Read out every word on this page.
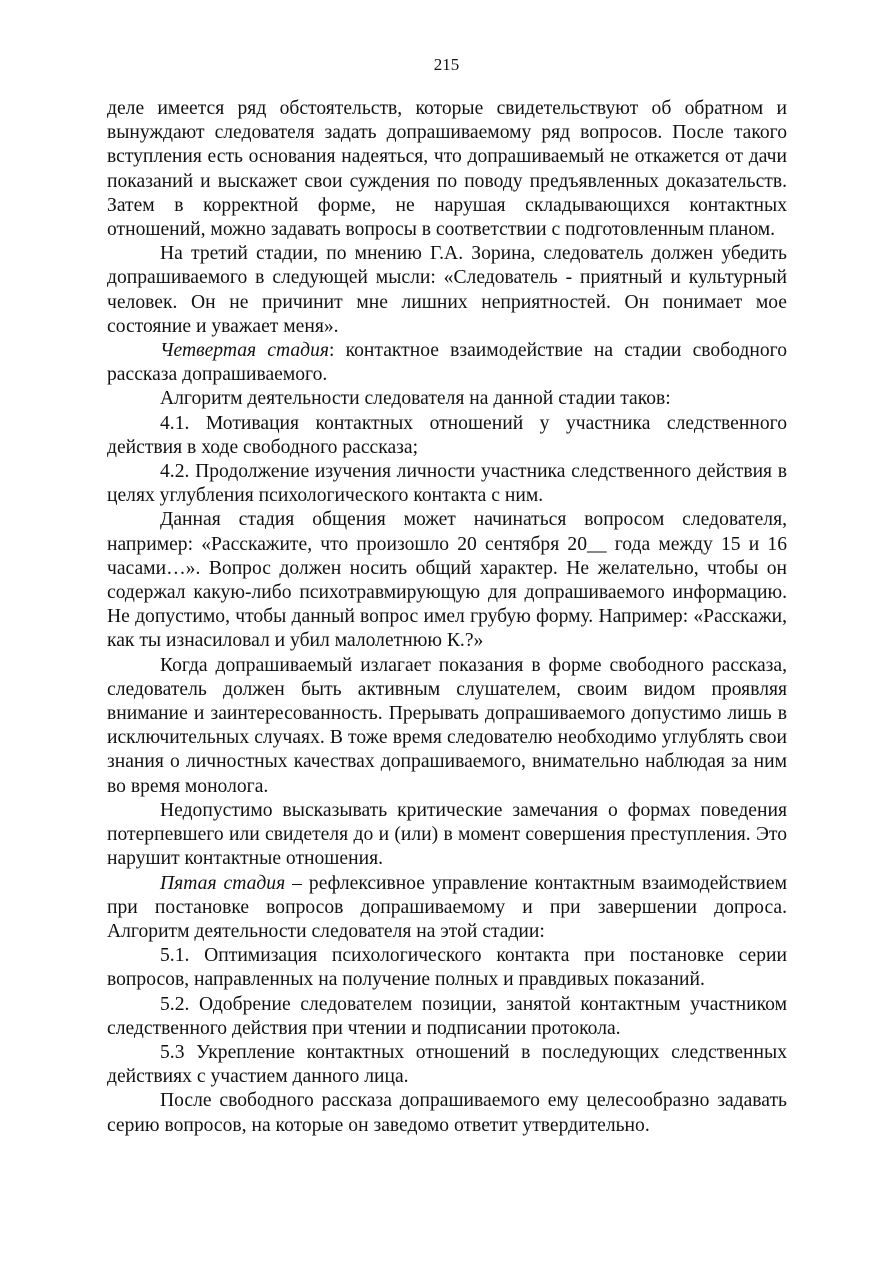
215

деле имеется ряд обстоятельств, которые свидетельствуют об обратном и вынуждают следователя задать допрашиваемому ряд вопросов. После такого вступления есть основания надеяться, что допрашиваемый не откажется от дачи показаний и выскажет свои суждения по поводу предъявленных доказательств. Затем в корректной форме, не нарушая складывающихся контактных отношений, можно задавать вопросы в соответствии с подготовленным планом.

На третий стадии, по мнению Г.А. Зорина, следователь должен убедить допрашиваемого в следующей мысли: «Следователь - приятный и культурный человек. Он не причинит мне лишних неприятностей. Он понимает мое состояние и уважает меня».

Четвертая стадия: контактное взаимодействие на стадии свободного рассказа допрашиваемого.

Алгоритм деятельности следователя на данной стадии таков:

4.1. Мотивация контактных отношений у участника следственного действия в ходе свободного рассказа;

4.2. Продолжение изучения личности участника следственного действия в целях углубления психологического контакта с ним.

Данная стадия общения может начинаться вопросом следователя, например: «Расскажите, что произошло 20 сентября 20__ года между 15 и 16 часами…». Вопрос должен носить общий характер. Не желательно, чтобы он содержал какую-либо психотравмирующую для допрашиваемого информацию. Не допустимо, чтобы данный вопрос имел грубую форму. Например: «Расскажи, как ты изнасиловал и убил малолетнюю К.?»

Когда допрашиваемый излагает показания в форме свободного рассказа, следователь должен быть активным слушателем, своим видом проявляя внимание и заинтересованность. Прерывать допрашиваемого допустимо лишь в исключительных случаях. В тоже время следователю необходимо углублять свои знания о личностных качествах допрашиваемого, внимательно наблюдая за ним во время монолога.

Недопустимо высказывать критические замечания о формах поведения потерпевшего или свидетеля до и (или) в момент совершения преступления. Это нарушит контактные отношения.

Пятая стадия – рефлексивное управление контактным взаимодействием при постановке вопросов допрашиваемому и при завершении допроса. Алгоритм деятельности следователя на этой стадии:

5.1. Оптимизация психологического контакта при постановке серии вопросов, направленных на получение полных и правдивых показаний.

5.2. Одобрение следователем позиции, занятой контактным участником следственного действия при чтении и подписании протокола.

5.3 Укрепление контактных отношений в последующих следственных действиях с участием данного лица.

После свободного рассказа допрашиваемого ему целесообразно задавать серию вопросов, на которые он заведомо ответит утвердительно.
